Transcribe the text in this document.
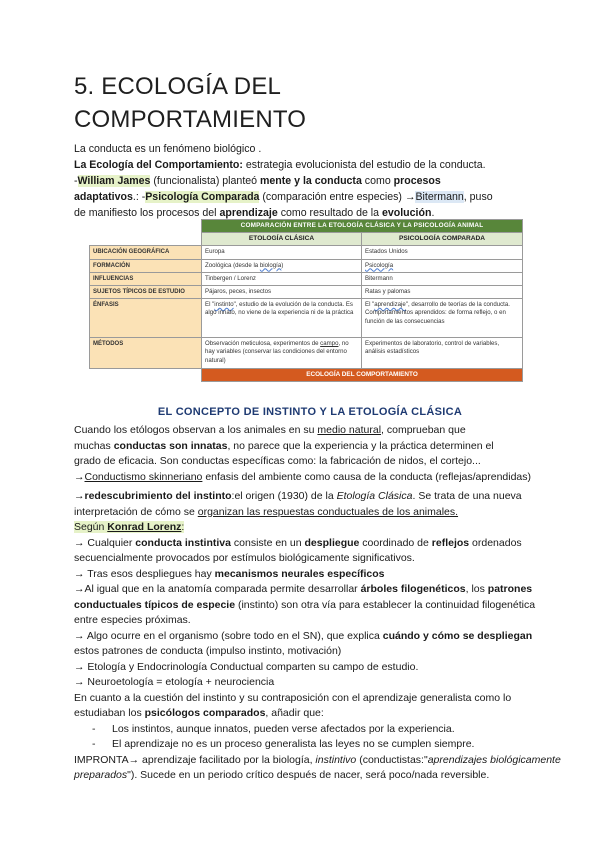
5. ECOLOGÍA DEL
COMPORTAMIENTO

La conducta es un fenómeno biológico .

La Ecología del Comportamiento: estrategia evolucionista del estudio de la conducta.

-William James (funcionalista) planteó mente y la conducta como procesos

adaptativos.: -Psicología Comparada (comparación entre especies) →Bitermann, puso

de manifiesto los procesos del aprendizaje como resultado de la evolución.

	COMPARACIÓN ENTRE LA ETOLOGÍA CLÁSICA Y LA PSICOLOGÍA ANIMAL	
	ETOLOGÍA CLÁSICA	PSICOLOGÍA COMPARADA
UBICACIÓN GEOGRÁFICA	Europa	Estados Unidos
FORMACIÓN	Zoológica (desde la biología)	Psicología
INFLUENCIAS	Tinbergen / Lorenz	Bitermann
SUJETOS TÍPICOS DE ESTUDIO	Pájaros, peces, insectos	Ratas y palomas
ÉNFASIS	El "instinto", estudio de la evolución de la conducta. Es algo innato, no viene de la experiencia ni de la práctica	El "aprendizaje", desarrollo de teorías de la conducta. Comportamientos aprendidos: de forma reflejo, o en función de las consecuencias
MÉTODOS	Observación meticulosa, experimentos de campo, no hay variables (conservar las condiciones del entorno natural)	Experimentos de laboratorio, control de variables, análisis estadísticos
	ECOLOGÍA DEL COMPORTAMIENTO	
EL CONCEPTO DE INSTINTO Y LA ETOLOGÍA CLÁSICA

Cuando los etólogos observan a los animales en su medio natural, comprueban que

muchas conductas son innatas, no parece que la experiencia y la práctica determinen el

grado de eficacia. Son conductas específicas como: la fabricación de nidos, el cortejo...

→Conductismo skinneriano enfasis del ambiente como causa de la conducta (reflejas/aprendidas)

→redescubrimiento del instinto:el origen (1930) de la Etología Clásica. Se trata de una nueva

interpretación de cómo se organizan las respuestas conductuales de los animales.

Según Konrad Lorenz:

→ Cualquier conducta instintiva consiste en un despliegue coordinado de reflejos ordenados

secuencialmente provocados por estímulos biológicamente significativos.

→ Tras esos despliegues hay mecanismos neurales específicos

→Al igual que en la anatomía comparada permite desarrollar árboles filogenéticos, los patrones

conductuales típicos de especie (instinto) son otra vía para establecer la continuidad filogenética

entre especies próximas.

→ Algo ocurre en el organismo (sobre todo en el SN), que explica cuándo y cómo se despliegan

estos patrones de conducta (impulso instinto, motivación)

→ Etología y Endocrinología Conductual comparten su campo de estudio.

→ Neuroetología = etología + neurociencia

En cuanto a la cuestión del instinto y su contraposición con el aprendizaje generalista como lo

estudiaban los psicólogos comparados, añadir que:

- Los instintos, aunque innatos, pueden verse afectados por la experiencia.

- El aprendizaje no es un proceso generalista las leyes no se cumplen siempre.

IMPRONTA→ aprendizaje facilitado por la biología, instintivo (conductistas:"aprendizajes biológicamente

preparados"). Sucede en un periodo crítico después de nacer, será poco/nada reversible.
